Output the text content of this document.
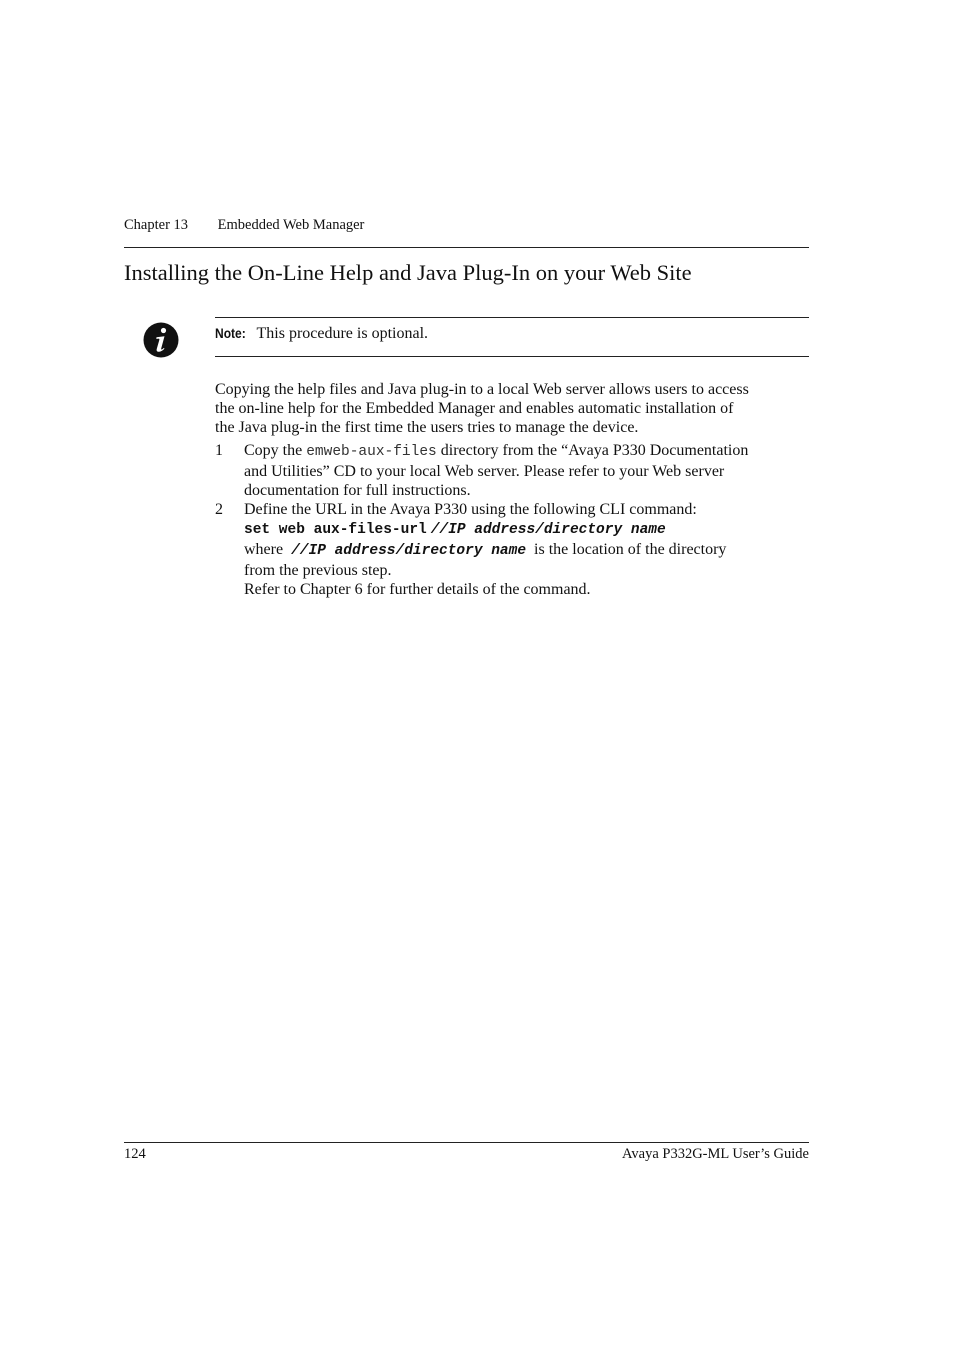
Chapter 13 Embedded Web Manager
Installing the On-Line Help and Java Plug-In on your Web Site
Note: This procedure is optional.

Copying the help files and Java plug-in to a local Web server allows users to access

the on-line help for the Embedded Manager and enables automatic installation of

the Java plug-in the first time the users tries to manage the device.

1 Copy the emweb-aux-files directory from the “Avaya P330 Documentation
and Utilities” CD to your local Web server. Please refer to your Web server
documentation for full instructions.
2 Define the URL in the Avaya P330 using the following CLI command:
set web aux-files-url //IP address/directory name
where //IP address/directory name is the location of the directory
from the previous step.
Refer to Chapter 6 for further details of the command.
124	Avaya P332G-ML User’s Guide
